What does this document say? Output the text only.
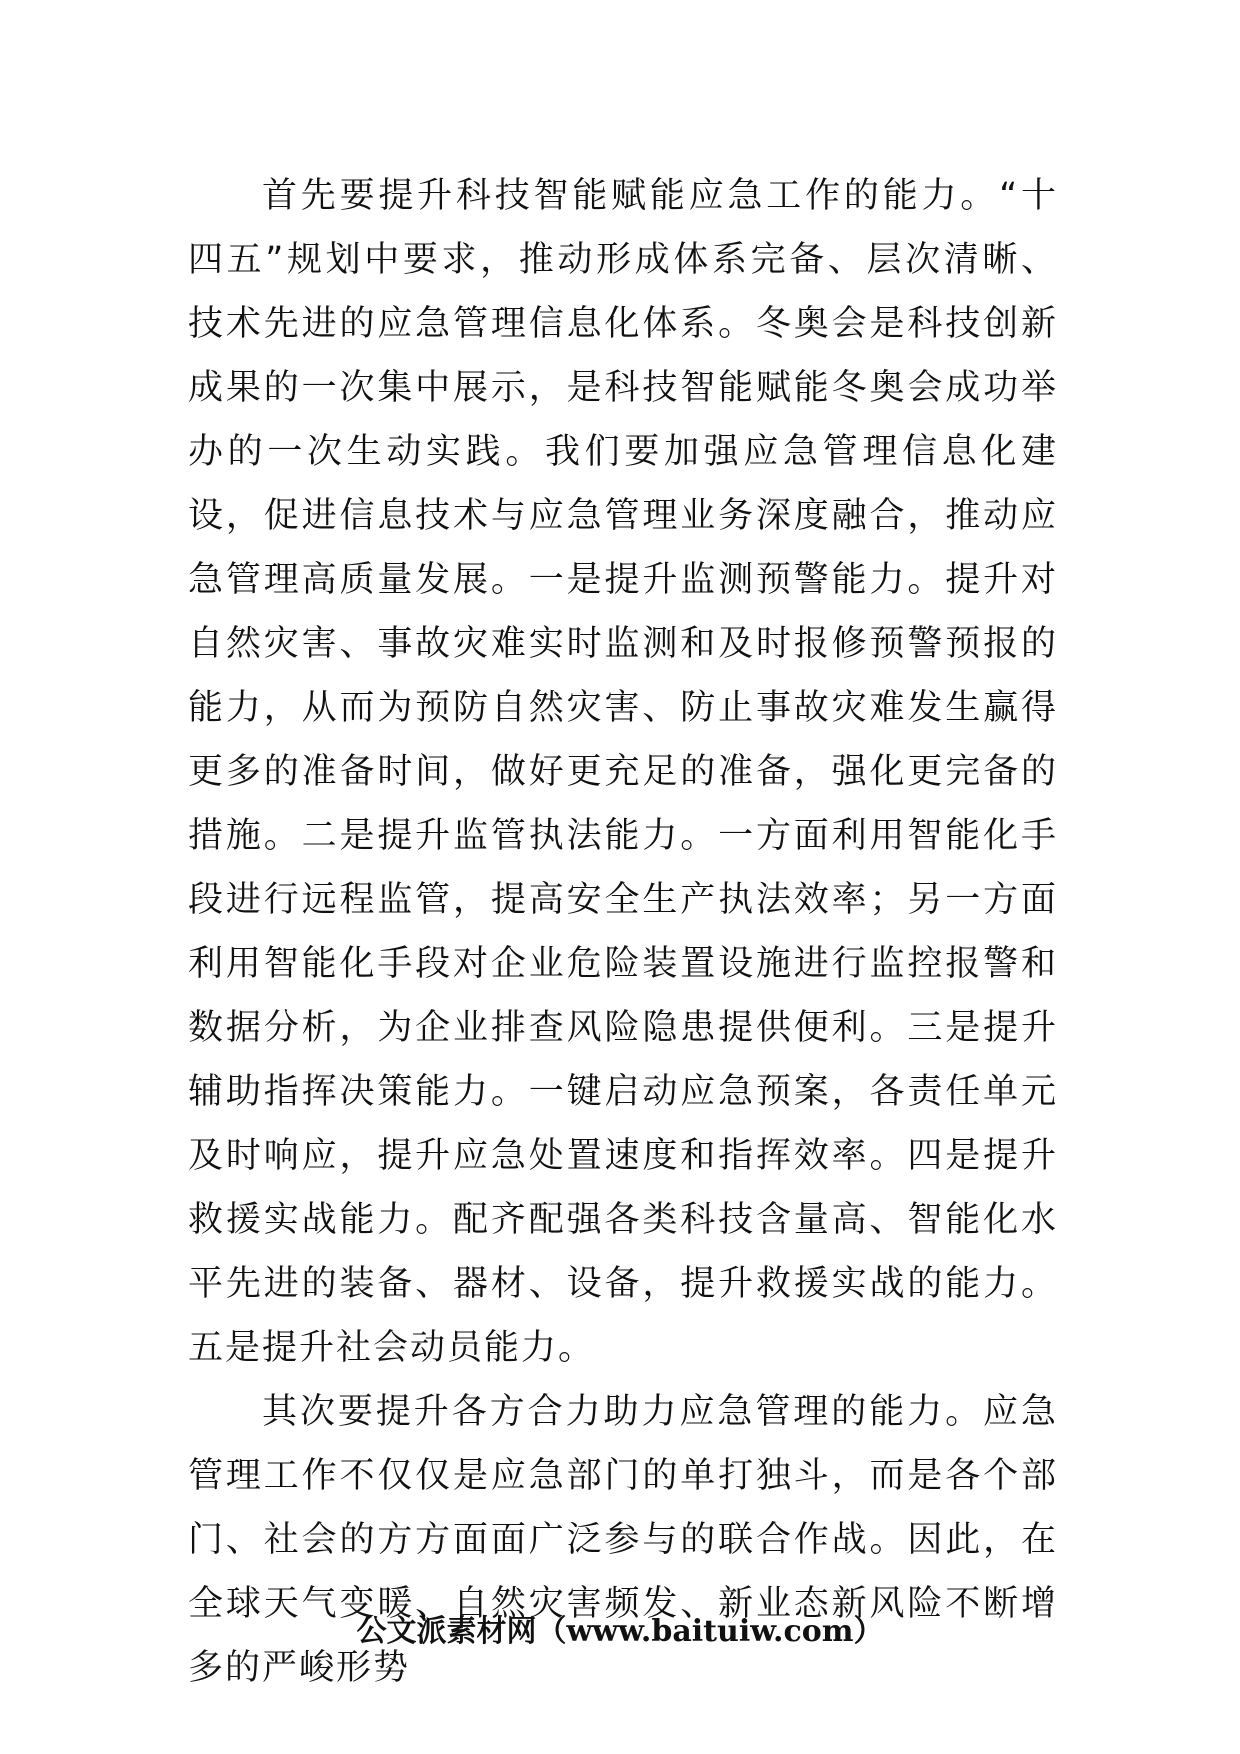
首先要提升科技智能赋能应急工作的能力。“十四五”规划中要求，推动形成体系完备、层次清晰、技术先进的应急管理信息化体系。冬奥会是科技创新成果的一次集中展示，是科技智能赋能冬奥会成功举办的一次生动实践。我们要加强应急管理信息化建设，促进信息技术与应急管理业务深度融合，推动应急管理高质量发展。一是提升监测预警能力。提升对自然灾害、事故灾难实时监测和及时报修预警预报的能力，从而为预防自然灾害、防止事故灾难发生赢得更多的准备时间，做好更充足的准备，强化更完备的措施。二是提升监管执法能力。一方面利用智能化手段进行远程监管，提高安全生产执法效率；另一方面利用智能化手段对企业危险装置设施进行监控报警和数据分析，为企业排查风险隐患提供便利。三是提升辅助指挥决策能力。一键启动应急预案，各责任单元及时响应，提升应急处置速度和指挥效率。四是提升救援实战能力。配齐配强各类科技含量高、智能化水平先进的装备、器材、设备，提升救援实战的能力。五是提升社会动员能力。

其次要提升各方合力助力应急管理的能力。应急管理工作不仅仅是应急部门的单打独斗，而是各个部门、社会的方方面面广泛参与的联合作战。因此，在全球天气变暖、自然灾害频发、新业态新风险不断增多的严峻形势

公文派素材网（www.baituiw.com）
